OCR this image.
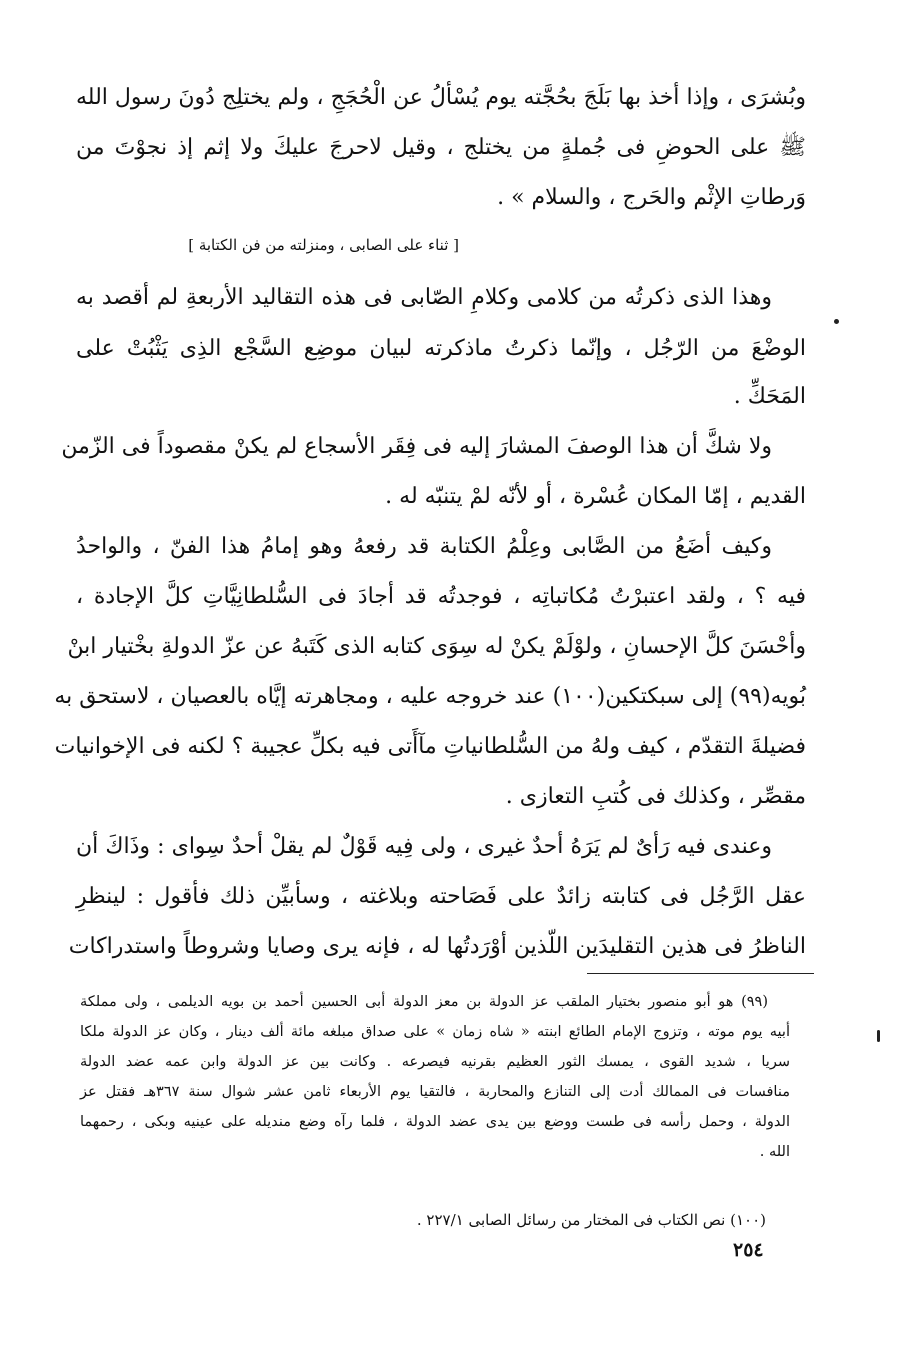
وبُشرَى ، وإذا أخذ بها بَلَجَ بحُجَّته يوم يُسْألُ عن الْحُجَجِ ، ولم يختلِج دُونَ رسول الله
ﷺ على الحوضِ فى جُملةٍ من يختلج ، وقيل لاحرجَ عليكَ ولا إثم إذ نجوْتَ من
وَرطاتِ الإثْم والحَرج ، والسلام » .
[ ثناء على الصابى ، ومنزلته من فن الكتابة ]
وهذا الذى ذكرتُه من كلامى وكلامِ الصّابى فى هذه التقاليد الأربعةِ لم أقصد به
الوضْعَ من الرّجُل ، وإنّما ذكرتُ ماذكرته لبيان موضِع السَّجْع الذِى يَثْبُتْ على
المَحَكِّ .
ولا شكَّ أن هذا الوصفَ المشارَ إليه فى فِقَر الأسجاع لم يكنْ مقصوداً فى الزّمن
القديم ، إمّا المكان عُسْرة ، أو لأنّه لمْ يتنبّه له .
وكيف أضَعُ من الصَّابى وعِلْمُ الكتابة قد رفعهُ وهو إمامُ هذا الفنّ ، والواحدُ
فيه ؟ ، ولقد اعتبرْتُ مُكاتباتِه ، فوجدتُه قد أجادَ فى السُّلطانِيَّاتِ كلَّ الإجادة ،
وأحْسَنَ كلَّ الإحسانِ ، ولوْلَمْ يكنْ له سِوَى كتابه الذى كَتَبهُ عن عزّ الدولةِ بخْتيار ابنْ
بُويه(٩٩) إلى سبكتكين(١٠٠) عند خروجه عليه ، ومجاهرته إيَّاه بالعصيان ، لاستحق به
فضيلةَ التقدّم ، كيف ولهُ من السُّلطانياتِ مآأَتى فيه بكلِّ عجيبة ؟ لكنه فى الإخوانيات
مقصِّر ، وكذلك فى كُتبِ التعازى .
وعندى فيه رَأىٌ لم يَرَهُ أحدٌ غيرى ، ولى فِيه قَوْلٌ لم يقلْ أحدٌ سِواى : وذَاكَ أن
عقل الرَّجُل فى كتابته زائدٌ على فَصَاحته وبلاغته ، وسأبيِّن ذلك فأقول : لينظرِ
الناظرُ فى هذين التقليدَين اللّذين أوْرَدتُها له ، فإنه يرى وصايا وشروطاً واستدراكات
(٩٩) هو أبو منصور بختيار الملقب عز الدولة بن معز الدولة أبى الحسين أحمد بن بويه الديلمى ، ولى مملكة
أبيه يوم موته ، وتزوج الإمام الطائع ابنته « شاه زمان » على صداق مبلغه مائة ألف دينار ، وكان عز الدولة ملكا
سريا ، شديد القوى ، يمسك الثور العظيم بقرنيه فيصرعه . وكانت بين عز الدولة وابن عمه عضد الدولة
منافسات فى الممالك أدت إلى التنازع والمحاربة ، فالتقيا يوم الأربعاء ثامن عشر شوال سنة ٣٦٧هـ فقتل عز
الدولة ، وحمل رأسه فى طست ووضع بين يدى عضد الدولة ، فلما رآه وضع منديله على عينيه وبكى ، رحمهما
الله .
(١٠٠) نص الكتاب فى المختار من رسائل الصابى ٢٢٧/١ .
٢٥٤
